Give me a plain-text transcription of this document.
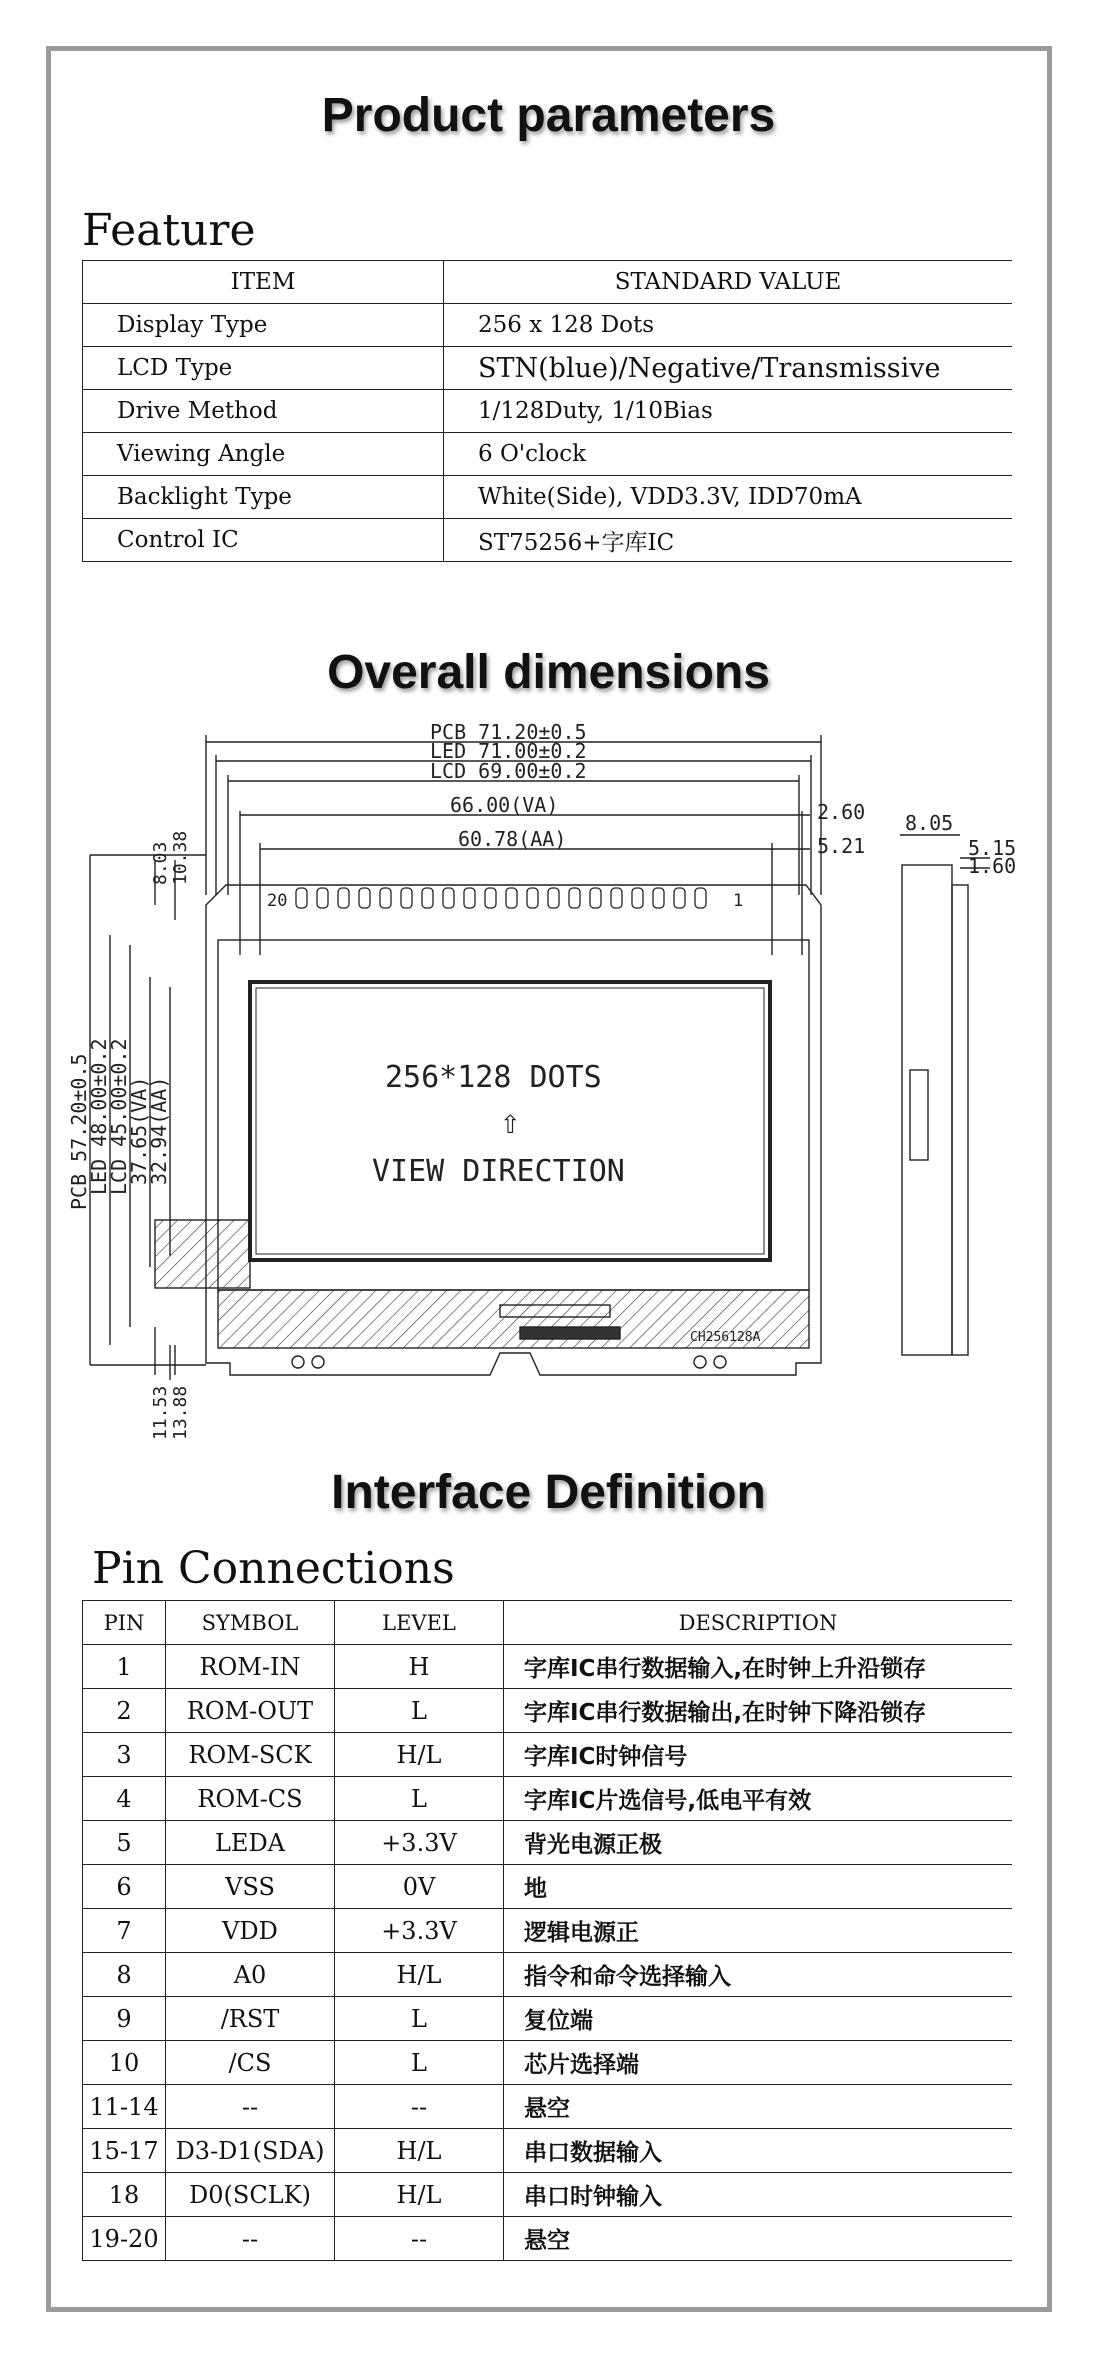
Product parameters
Feature
ITEM	STANDARD VALUE
Display Type	256 x 128 Dots
LCD Type	STN(blue)/Negative/Transmissive
Drive Method	1/128Duty, 1/10Bias
Viewing Angle	6 O'clock
Backlight Type	White(Side), VDD3.3V, IDD70mA
Control IC	ST75256+字库IC
Overall dimensions
PCB 71.20±0.5
LED 71.00±0.2
LCD 69.00±0.2
66.00(VA)
60.78(AA)
2.60
5.21
8.05
5.15
1.60
20	1
256*128 DOTS
⇧
VIEW DIRECTION
CH256128A
PCB 57.20±0.5
LED 48.00±0.2
LCD 45.00±0.2
37.65(VA)
32.94(AA)
8.03 10.38
11.53 13.88
Interface Definition
Pin Connections
PIN	SYMBOL	LEVEL	DESCRIPTION
1	ROM-IN	H	字库IC串行数据输入,在时钟上升沿锁存
2	ROM-OUT	L	字库IC串行数据输出,在时钟下降沿锁存
3	ROM-SCK	H/L	字库IC时钟信号
4	ROM-CS	L	字库IC片选信号,低电平有效
5	LEDA	+3.3V	背光电源正极
6	VSS	0V	地
7	VDD	+3.3V	逻辑电源正
8	A0	H/L	指令和命令选择输入
9	/RST	L	复位端
10	/CS	L	芯片选择端
11-14	--	--	悬空
15-17	D3-D1(SDA)	H/L	串口数据输入
18	D0(SCLK)	H/L	串口时钟输入
19-20	--	--	悬空
